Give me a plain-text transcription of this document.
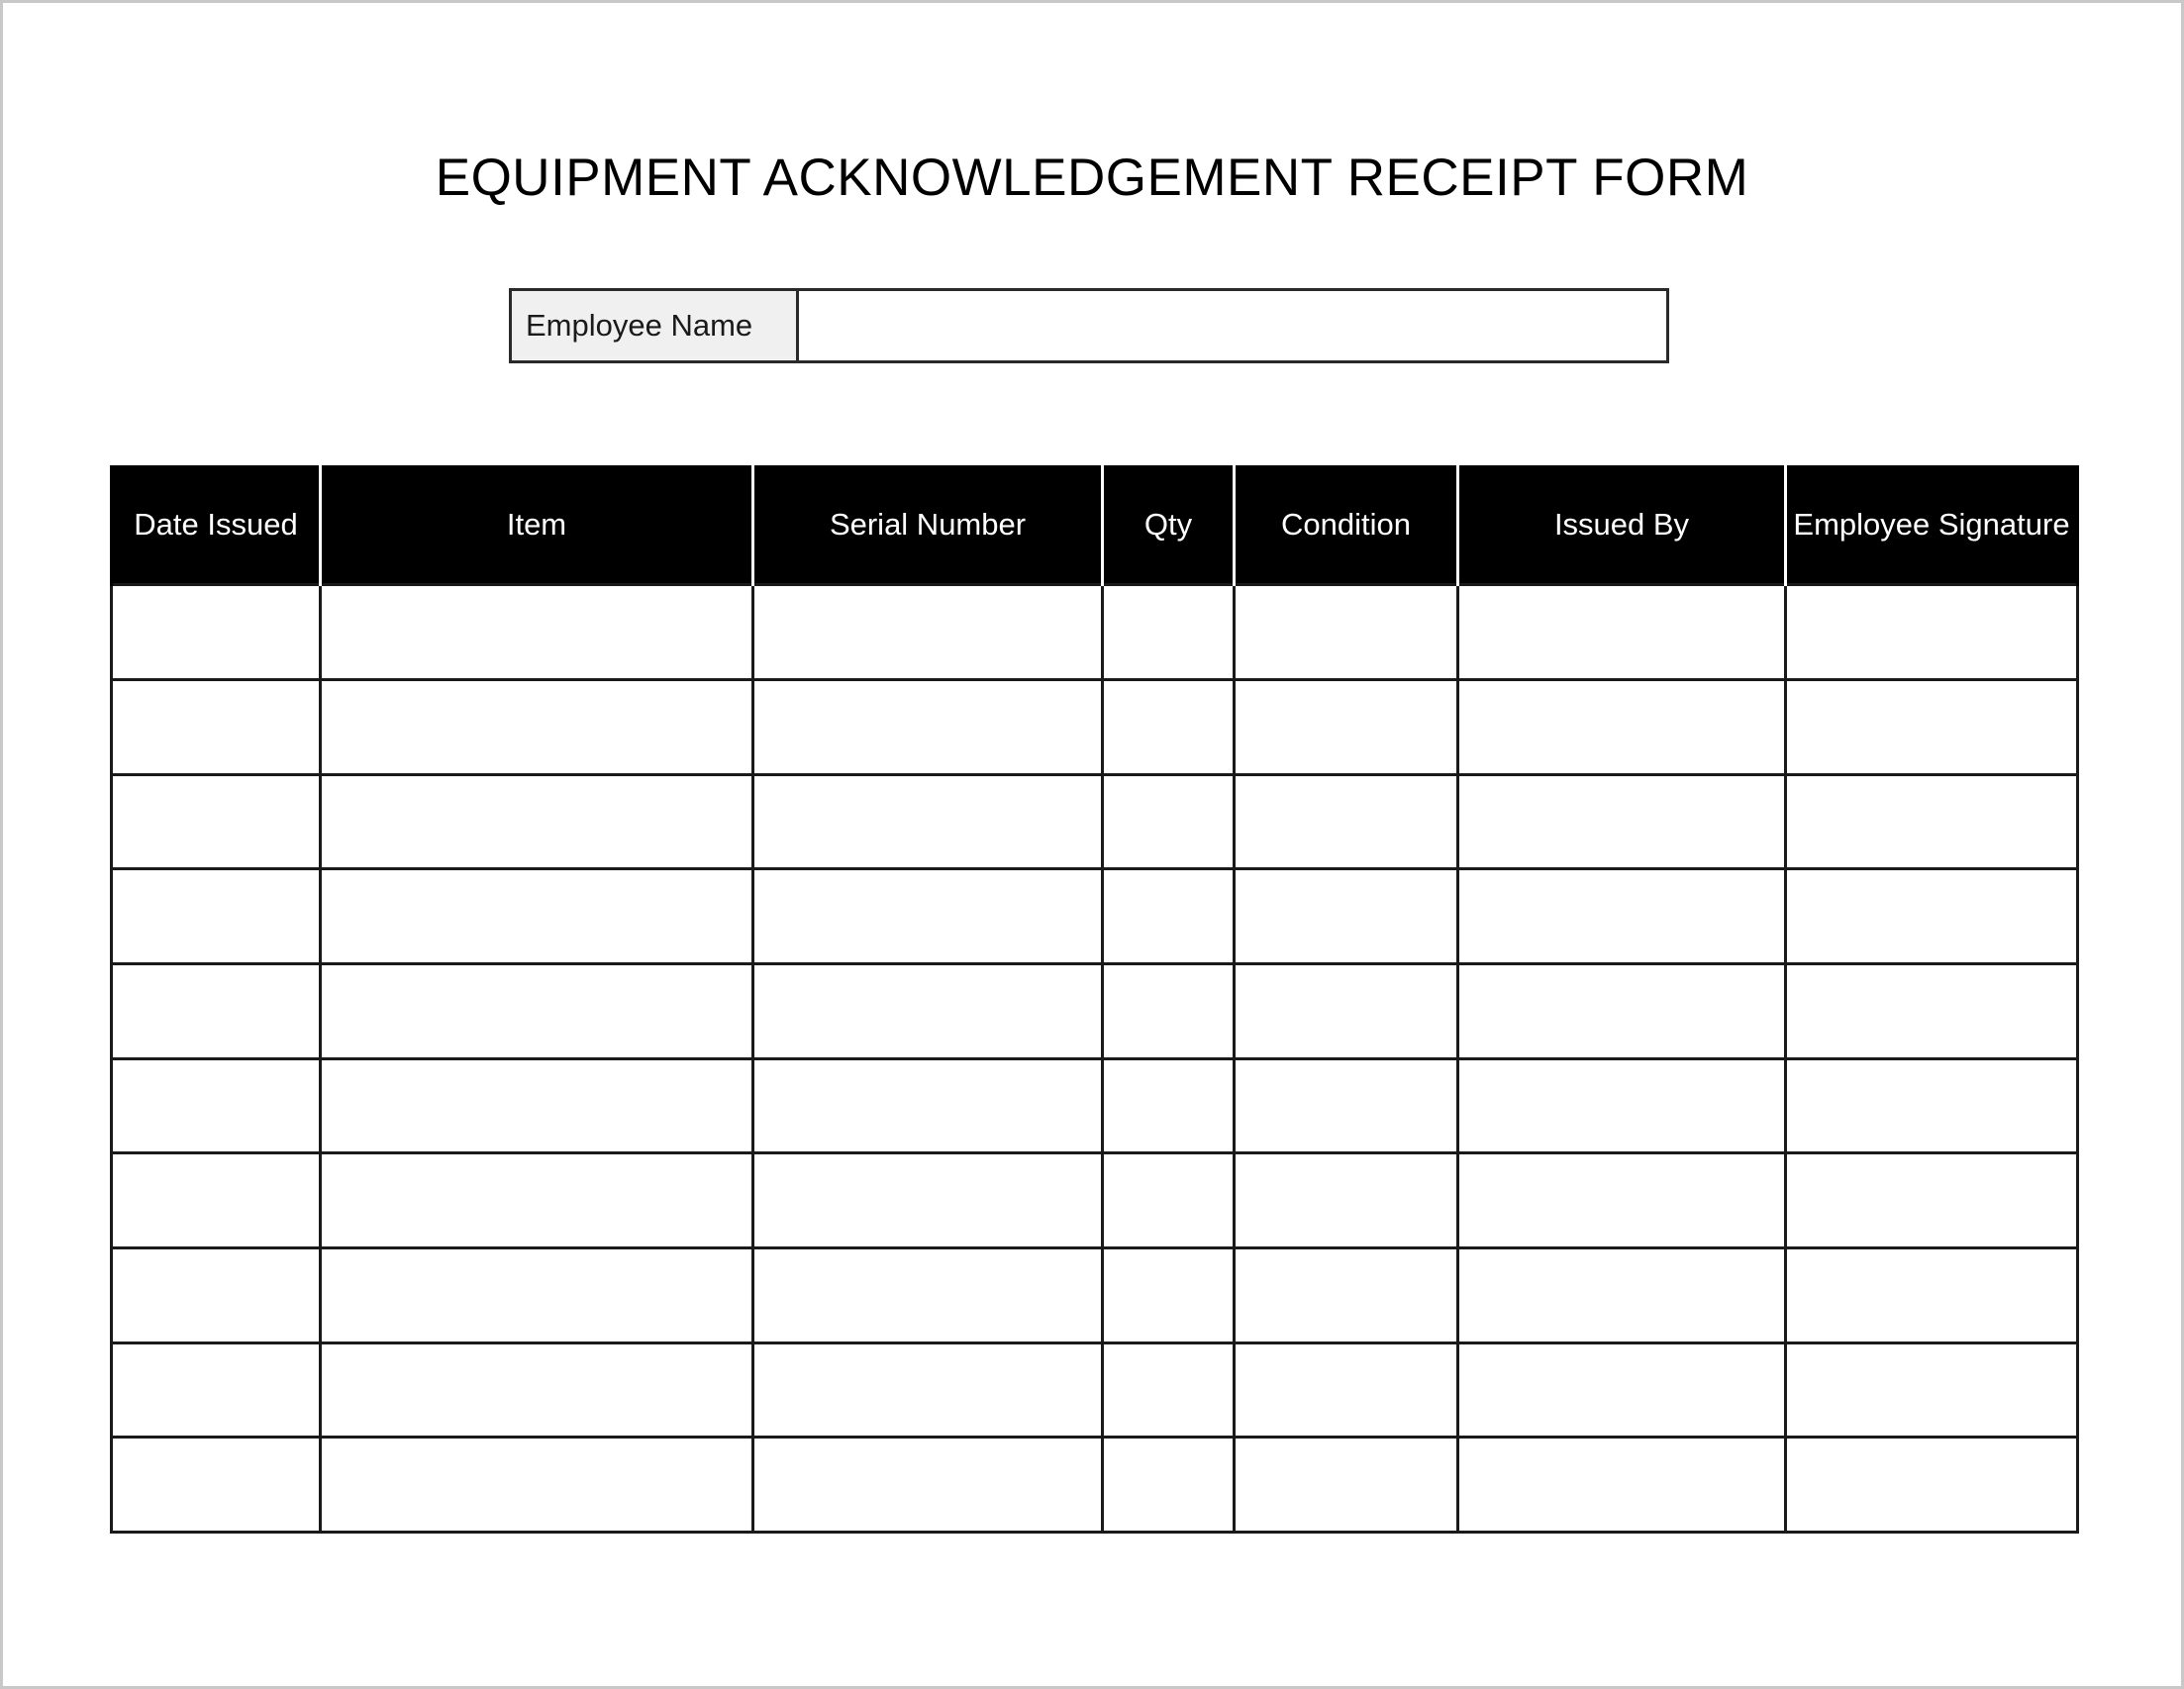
EQUIPMENT ACKNOWLEDGEMENT RECEIPT FORM
Employee Name
Date Issued	Item	Serial Number	Qty	Condition	Issued By	Employee Signature
